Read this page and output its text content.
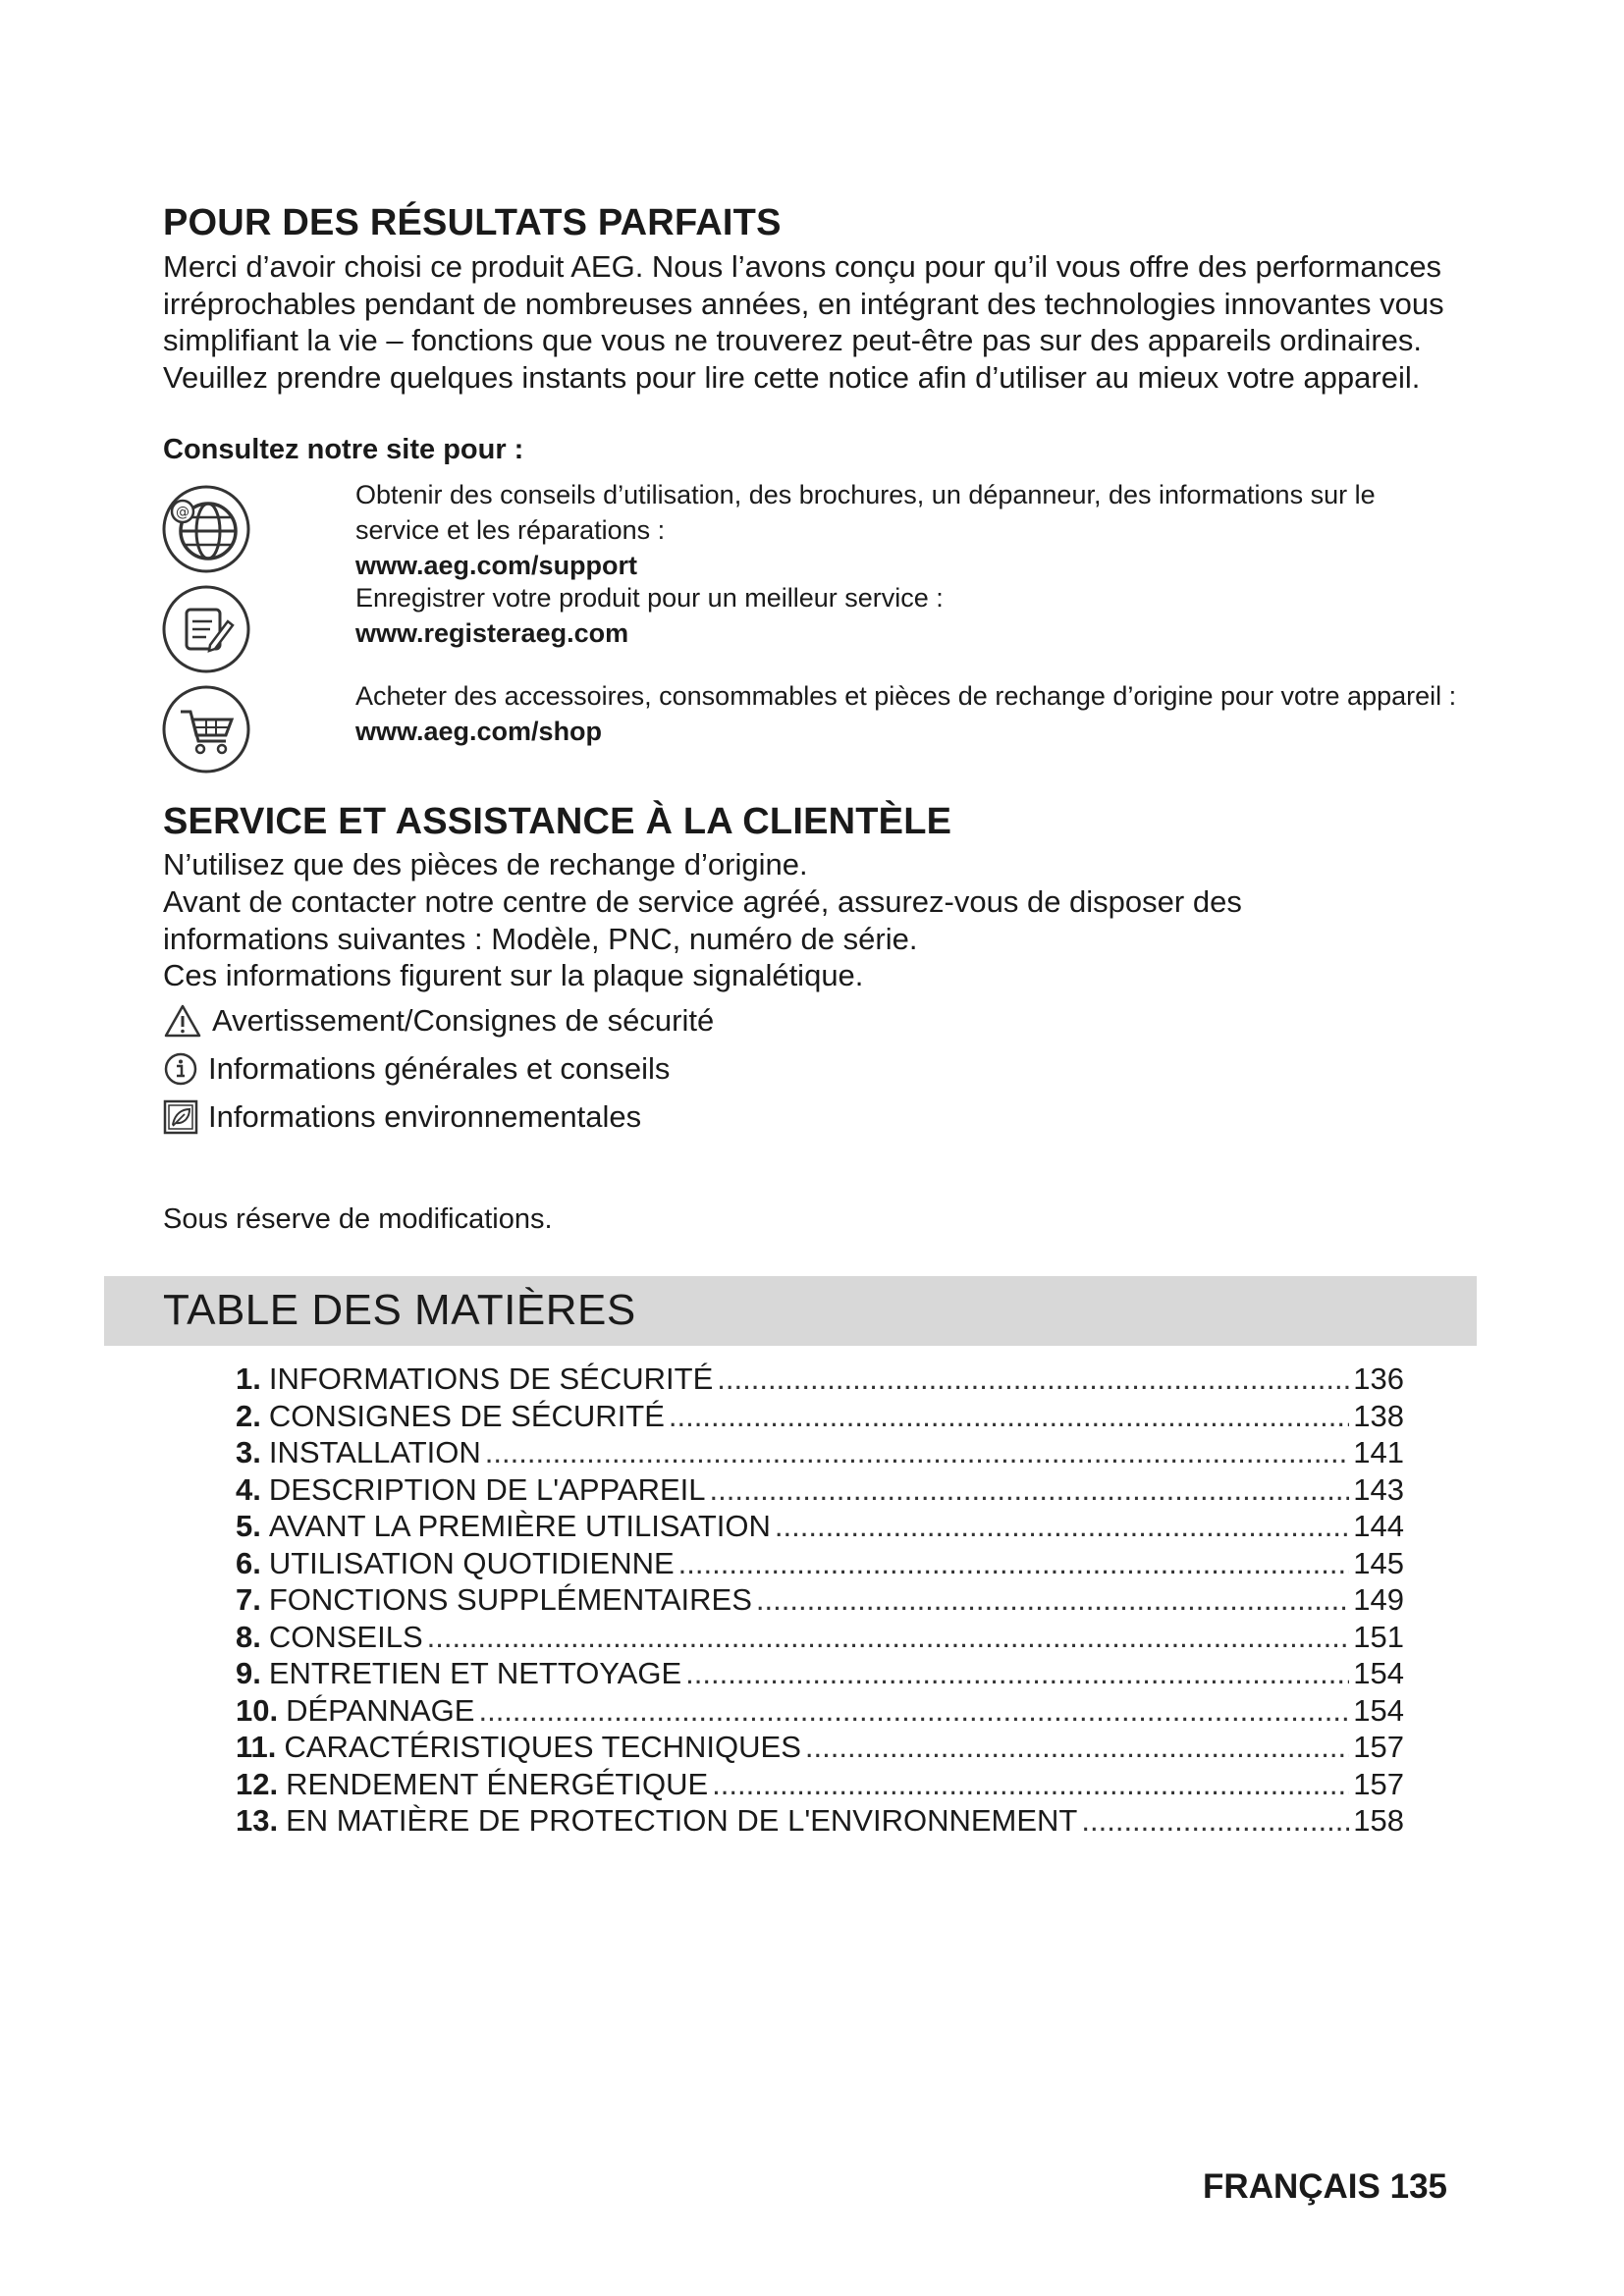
POUR DES RÉSULTATS PARFAITS

Merci d’avoir choisi ce produit AEG. Nous l’avons conçu pour qu’il vous offre des performances irréprochables pendant de nombreuses années, en intégrant des technologies innovantes vous simplifiant la vie – fonctions que vous ne trouverez peut-être pas sur des appareils ordinaires. Veuillez prendre quelques instants pour lire cette notice afin d’utiliser au mieux votre appareil.

Consultez notre site pour :

@
Obtenir des conseils d’utilisation, des brochures, un dépanneur, des informations sur le service et les réparations :
www.aeg.com/support
Enregistrer votre produit pour un meilleur service :
www.registeraeg.com
Acheter des accessoires, consommables et pièces de rechange d’origine pour votre appareil :
www.aeg.com/shop
SERVICE ET ASSISTANCE À LA CLIENTÈLE

N’utilisez que des pièces de rechange d’origine.

Avant de contacter notre centre de service agréé, assurez-vous de disposer des informations suivantes : Modèle, PNC, numéro de série.

Ces informations figurent sur la plaque signalétique.

Avertissement/Consignes de sécurité
Informations générales et conseils
Informations environnementales

Sous réserve de modifications.

TABLE DES MATIÈRES
1. INFORMATIONS DE SÉCURITÉ .....	136
2. CONSIGNES DE SÉCURITÉ .....	138
3. INSTALLATION .....	141
4. DESCRIPTION DE L'APPAREIL .....	143
5. AVANT LA PREMIÈRE UTILISATION .....	144
6. UTILISATION QUOTIDIENNE .....	145
7. FONCTIONS SUPPLÉMENTAIRES .....	149
8. CONSEILS .....	151
9. ENTRETIEN ET NETTOYAGE .....	154
10. DÉPANNAGE .....	154
11. CARACTÉRISTIQUES TECHNIQUES .....	157
12. RENDEMENT ÉNERGÉTIQUE .....	157
13. EN MATIÈRE DE PROTECTION DE L'ENVIRONNEMENT .....	158

FRANÇAIS 135
